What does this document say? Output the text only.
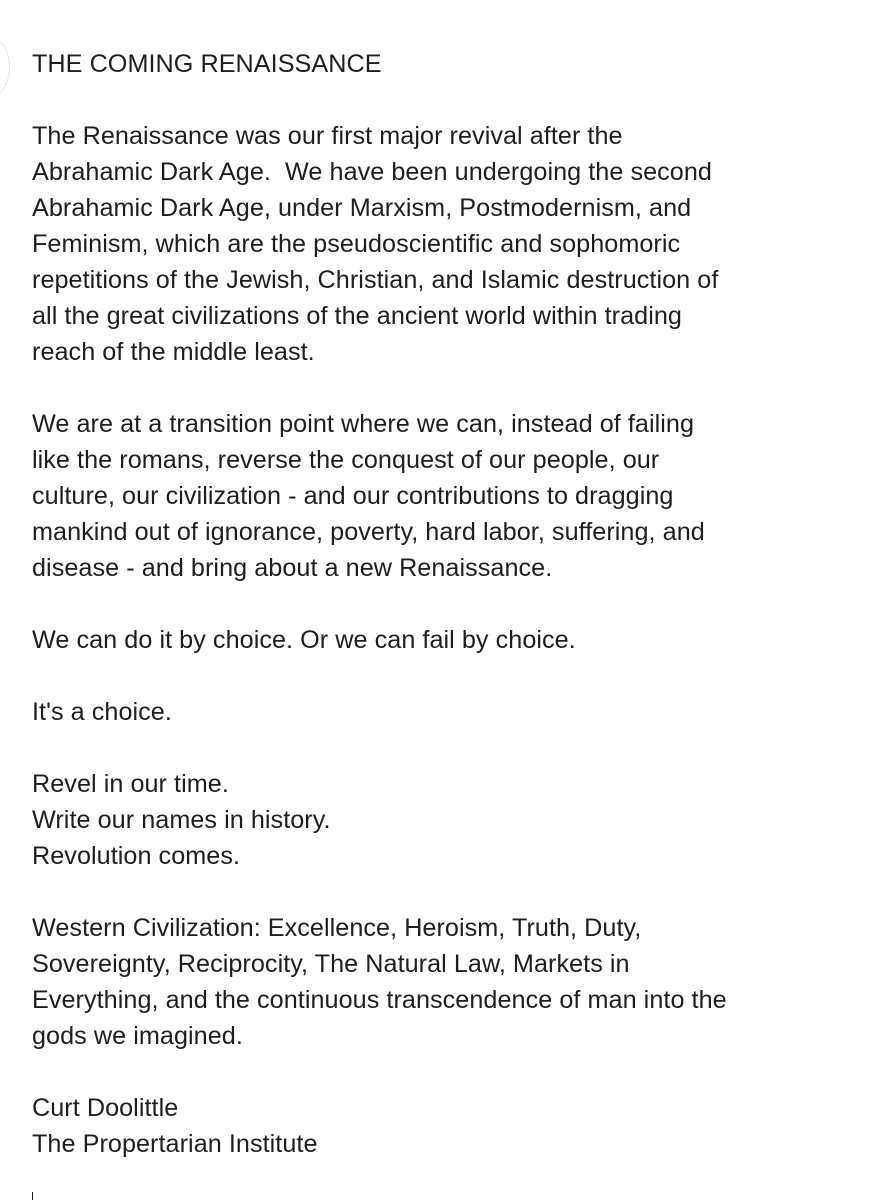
THE COMING RENAISSANCE

The Renaissance was our first major revival after the
Abrahamic Dark Age.  We have been undergoing the second
Abrahamic Dark Age, under Marxism, Postmodernism, and
Feminism, which are the pseudoscientific and sophomoric
repetitions of the Jewish, Christian, and Islamic destruction of
all the great civilizations of the ancient world within trading
reach of the middle least.

We are at a transition point where we can, instead of failing
like the romans, reverse the conquest of our people, our
culture, our civilization - and our contributions to dragging
mankind out of ignorance, poverty, hard labor, suffering, and
disease - and bring about a new Renaissance.

We can do it by choice. Or we can fail by choice.

It's a choice.

Revel in our time.
Write our names in history.
Revolution comes.

Western Civilization: Excellence, Heroism, Truth, Duty,
Sovereignty, Reciprocity, The Natural Law, Markets in
Everything, and the continuous transcendence of man into the
gods we imagined.

Curt Doolittle
The Propertarian Institute
